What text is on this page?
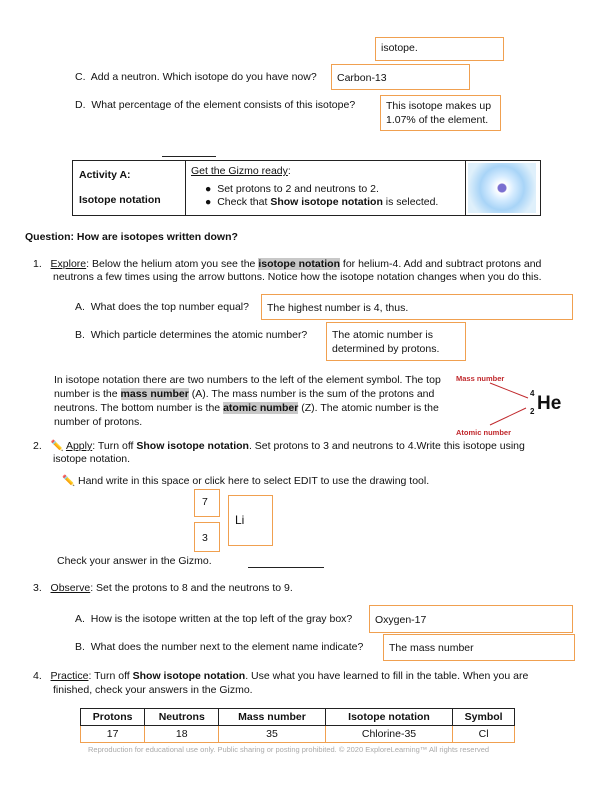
isotope.
C. Add a neutron. Which isotope do you have now?	Carbon-13
D. What percentage of the element consists of this isotope?	This isotope makes up 1.07% of the element.
Activity A:
Isotope notation

Get the Gizmo ready:
●  Set protons to 2 and neutrons to 2.
●  Check that Show isotope notation is selected.

Question: How are isotopes written down?
1. Explore: Below the helium atom you see the isotope notation for helium-4. Add and subtract protons and
neutrons a few times using the arrow buttons. Notice how the isotope notation changes when you do this.
A. What does the top number equal?	The highest number is 4, thus.
B. Which particle determines the atomic number?	The atomic number is determined by protons.
In isotope notation there are two numbers to the left of the element symbol. The top
number is the mass number (A). The mass number is the sum of the protons and
neutrons. The bottom number is the atomic number (Z). The atomic number is the
number of protons.
Mass number
Atomic number
4
2 He
2. ✏️ Apply: Turn off Show isotope notation. Set protons to 3 and neutrons to 4.Write this isotope using
isotope notation.
✏️ Hand write in this space or click here to select EDIT to use the drawing tool.
7
3
Li
Check your answer in the Gizmo.
3. Observe: Set the protons to 8 and the neutrons to 9.
A. How is the isotope written at the top left of the gray box?	Oxygen-17
B. What does the number next to the element name indicate?	The mass number
4. Practice: Turn off Show isotope notation. Use what you have learned to fill in the table. When you are
finished, check your answers in the Gizmo.
Protons	Neutrons	Mass number	Isotope notation	Symbol
17	18	35	Chlorine-35	Cl
Reproduction for educational use only. Public sharing or posting prohibited. © 2020 ExploreLearning™ All rights reserved
